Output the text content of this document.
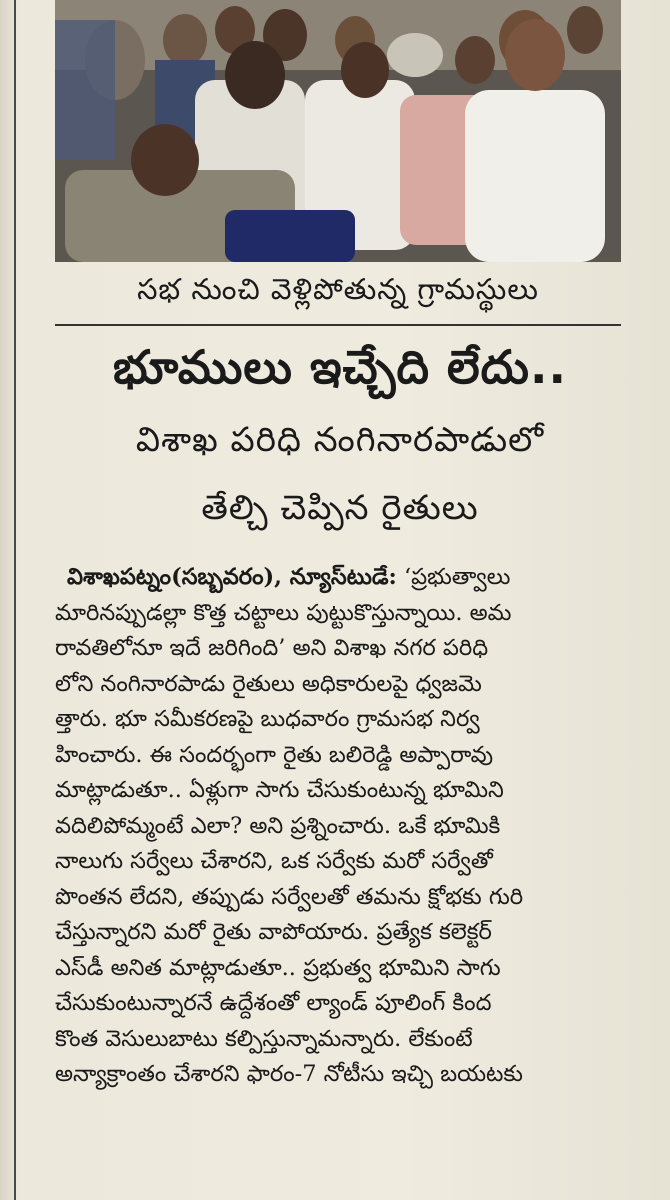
సభ నుంచి వెళ్లిపోతున్న గ్రామస్థులు
భూములు ఇచ్చేది లేదు..
విశాఖ పరిధి నంగినారపాడులో
తేల్చి చెప్పిన రైతులు
విశాఖపట్నం(సబ్బవరం), న్యూస్‌టుడే: ‘ప్రభుత్వాలు
మారినప్పుడల్లా కొత్త చట్టాలు పుట్టుకొస్తున్నాయి. అమ
రావతిలోనూ ఇదే జరిగింది’ అని విశాఖ నగర పరిధి
లోని నంగినారపాడు రైతులు అధికారులపై ధ్వజమె
త్తారు. భూ సమీకరణపై బుధవారం గ్రామసభ నిర్వ
హించారు. ఈ సందర్భంగా రైతు బలిరెడ్డి అప్పారావు
మాట్లాడుతూ.. ఏళ్లుగా సాగు చేసుకుంటున్న భూమిని
వదిలిపోమ్మంటే ఎలా? అని ప్రశ్నించారు. ఒకే భూమికి
నాలుగు సర్వేలు చేశారని, ఒక సర్వేకు మరో సర్వేతో
పొంతన లేదని, తప్పుడు సర్వేలతో తమను క్షోభకు గురి
చేస్తున్నారని మరో రైతు వాపోయారు. ప్రత్యేక కలెక్టర్
ఎస్‌డీ అనిత మాట్లాడుతూ.. ప్రభుత్వ భూమిని సాగు
చేసుకుంటున్నారనే ఉద్దేశంతో ల్యాండ్ పూలింగ్ కింద
కొంత వెసులుబాటు కల్పిస్తున్నామన్నారు. లేకుంటే
అన్యాక్రాంతం చేశారని ఫారం-7 నోటీసు ఇచ్చి బయటకు
